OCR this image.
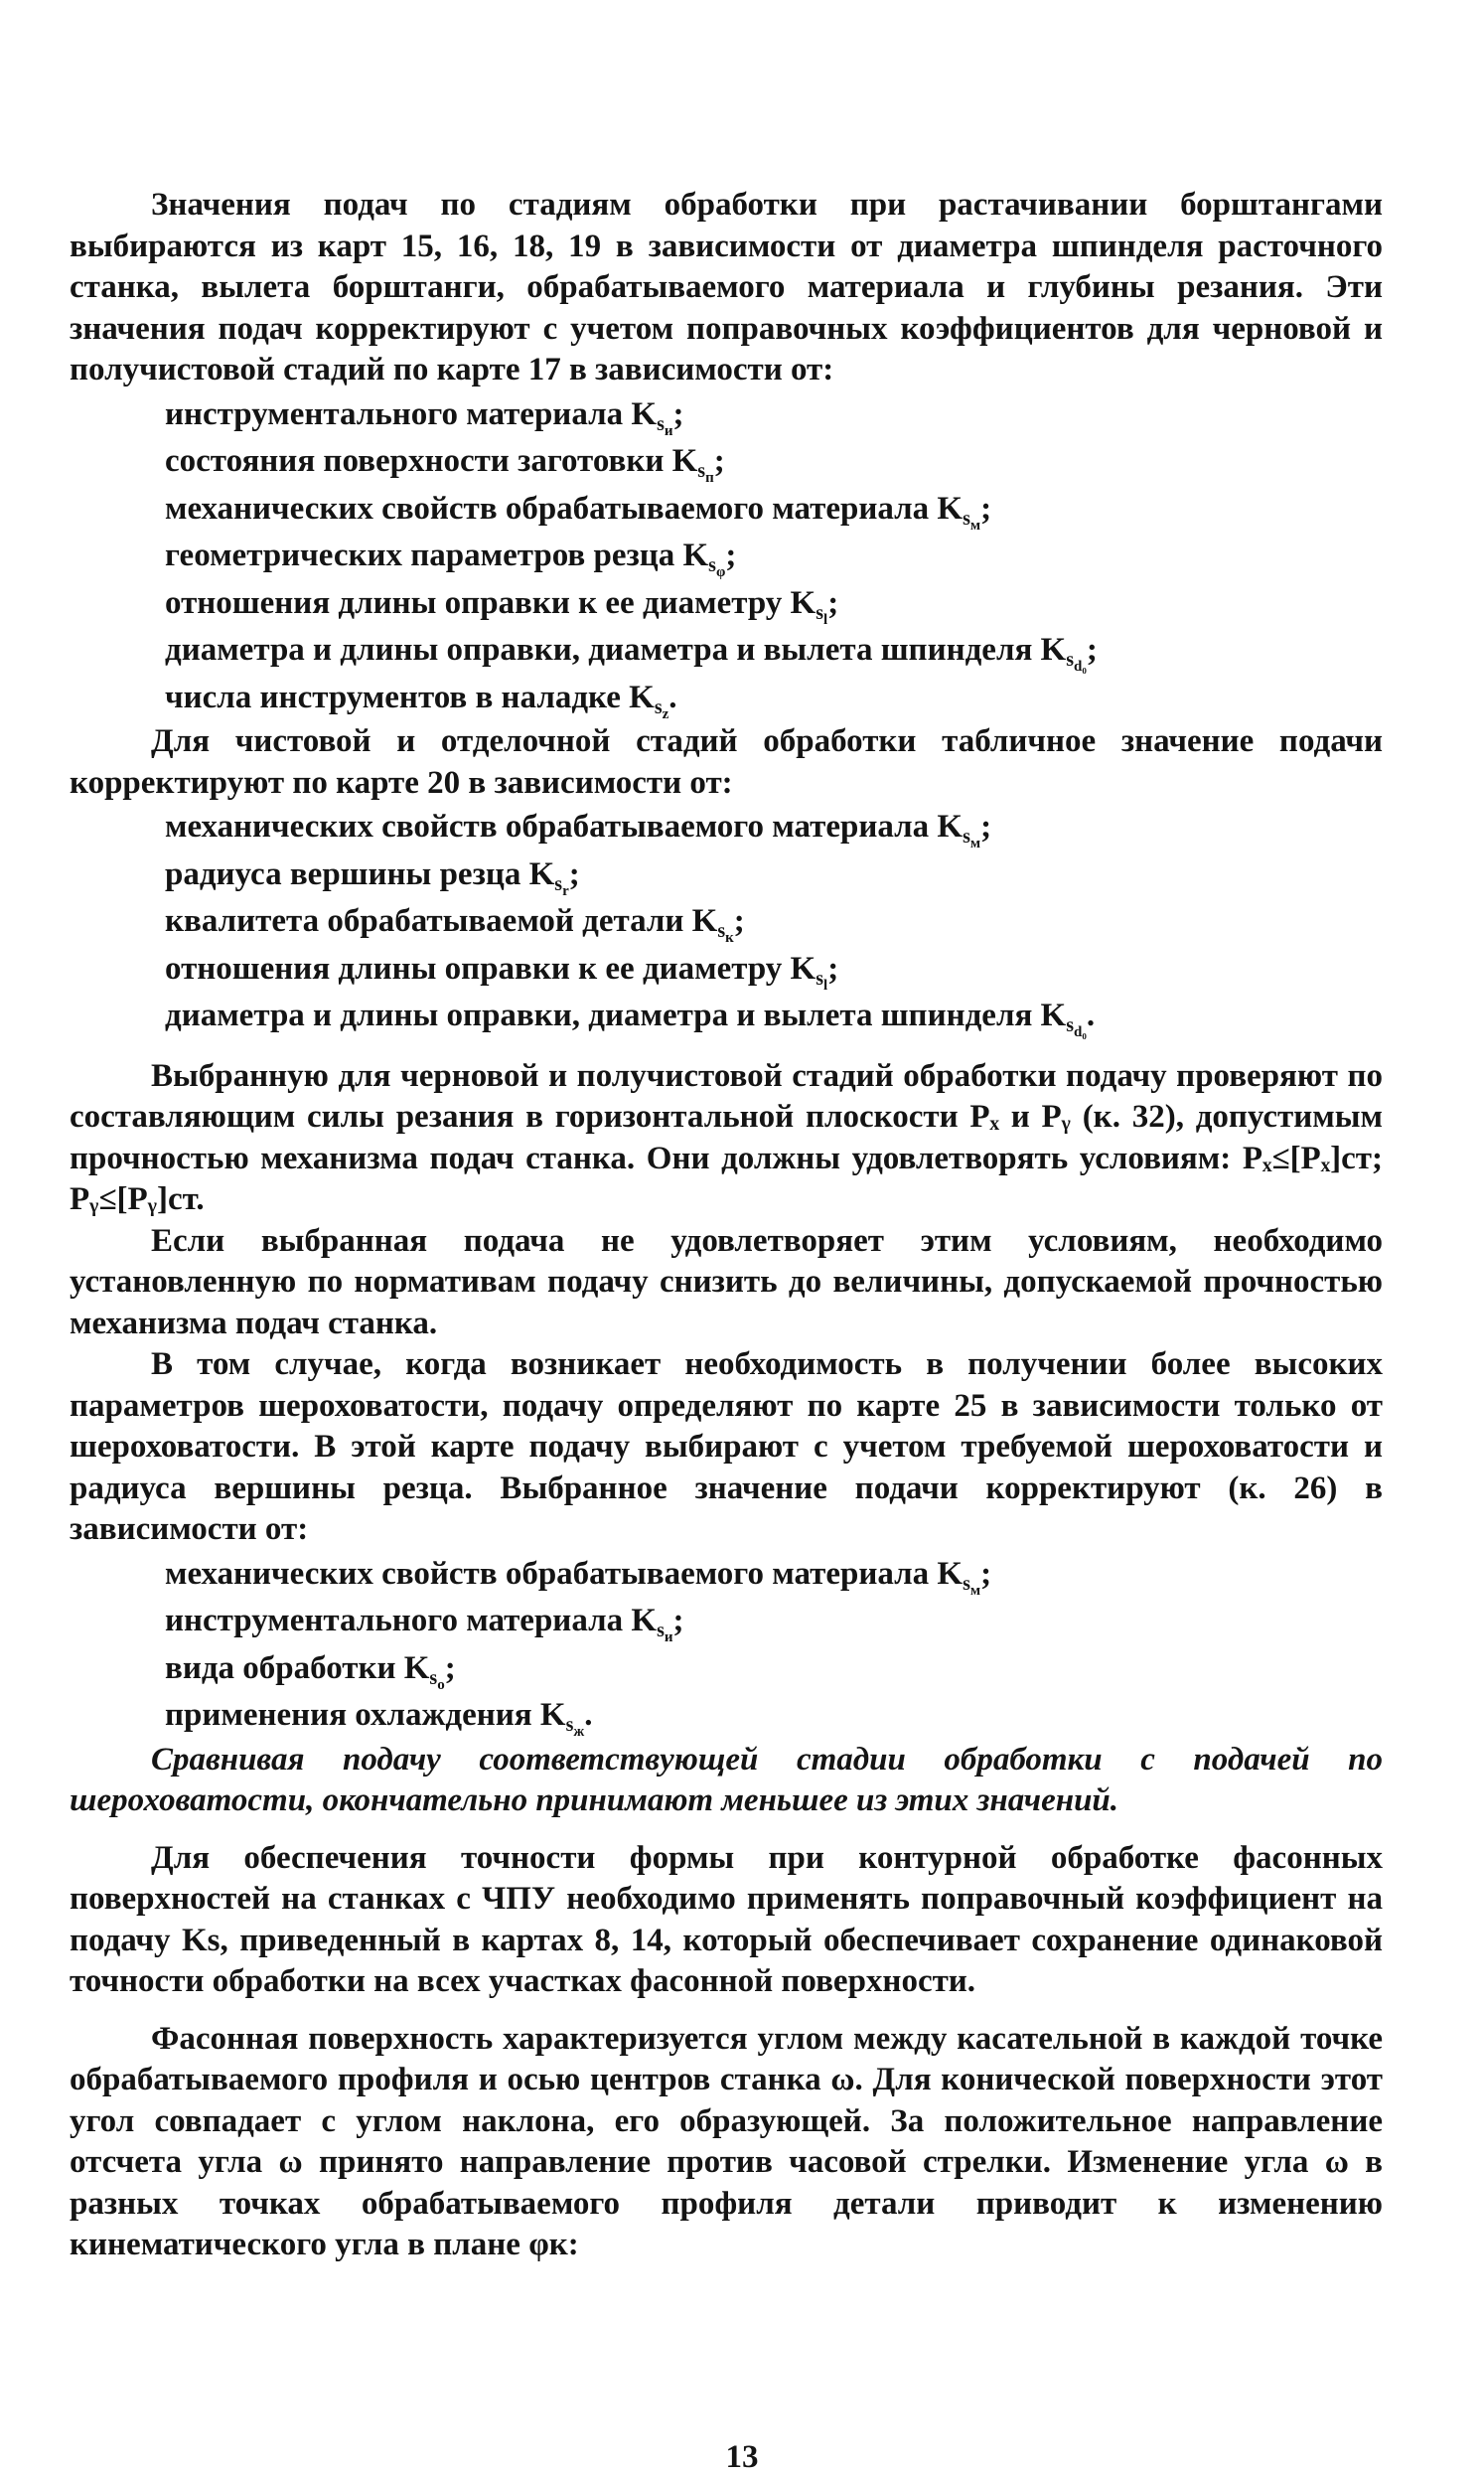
Значения подач по стадиям обработки при растачивании борштангами выбираются из карт 15, 16, 18, 19 в зависимости от диаметра шпинделя расточного станка, вылета борштанги, обрабатываемого материала и глубины резания. Эти значения подач корректируют с учетом поправочных коэффициентов для черновой и получистовой стадий по карте 17 в зависимости от:

инструментального материала $K_{s_и}$;
состояния поверхности заготовки $K_{s_п}$;
механических свойств обрабатываемого материала $K_{s_м}$;
геометрических параметров резца $K_{s_\varphi}$;
отношения длины оправки к ее диаметру $K_{s_l}$;
диаметра и длины оправки, диаметра и вылета шпинделя $K_{s_{d_0}}$;
числа инструментов в наладке $K_{s_z}$.

Для чистовой и отделочной стадий обработки табличное значение подачи корректируют по карте 20 в зависимости от:

механических свойств обрабатываемого материала $K_{s_м}$;
радиуса вершины резца $K_{s_r}$;
квалитета обрабатываемой детали $K_{s_к}$;
отношения длины оправки к ее диаметру $K_{s_l}$;
диаметра и длины оправки, диаметра и вылета шпинделя $K_{s_{d_0}}$.

Выбранную для черновой и получистовой стадий обработки подачу проверяют по составляющим силы резания в горизонтальной плоскости Pₓ и Pᵧ (к. 32), допустимым прочностью механизма подач станка. Они должны удовлетворять условиям: Pₓ≤[Pₓ]ст; Pᵧ≤[Pᵧ]ст.

Если выбранная подача не удовлетворяет этим условиям, необходимо установленную по нормативам подачу снизить до величины, допускаемой прочностью механизма подач станка.

В том случае, когда возникает необходимость в получении более высоких параметров шероховатости, подачу определяют по карте 25 в зависимости только от шероховатости. В этой карте подачу выбирают с учетом требуемой шероховатости и радиуса вершины резца. Выбранное значение подачи корректируют (к. 26) в зависимости от:

механических свойств обрабатываемого материала $K_{s_м}$;
инструментального материала $K_{s_и}$;
вида обработки $K_{s_о}$;
применения охлаждения $K_{s_ж}$.

Сравнивая подачу соответствующей стадии обработки с подачей по шероховатости, окончательно принимают меньшее из этих значений.

Для обеспечения точности формы при контурной обработке фасонных поверхностей на станках с ЧПУ необходимо применять поправочный коэффициент на подачу Ks, приведенный в картах 8, 14, который обеспечивает сохранение одинаковой точности обработки на всех участках фасонной поверхности.

Фасонная поверхность характеризуется углом между касательной в каждой точке обрабатываемого профиля и осью центров станка ω. Для конической поверхности этот угол совпадает с углом наклона, его образующей. За положительное направление отсчета угла ω принято направление против часовой стрелки. Изменение угла ω в разных точках обрабатываемого профиля детали приводит к изменению кинематического угла в плане φк:

13
